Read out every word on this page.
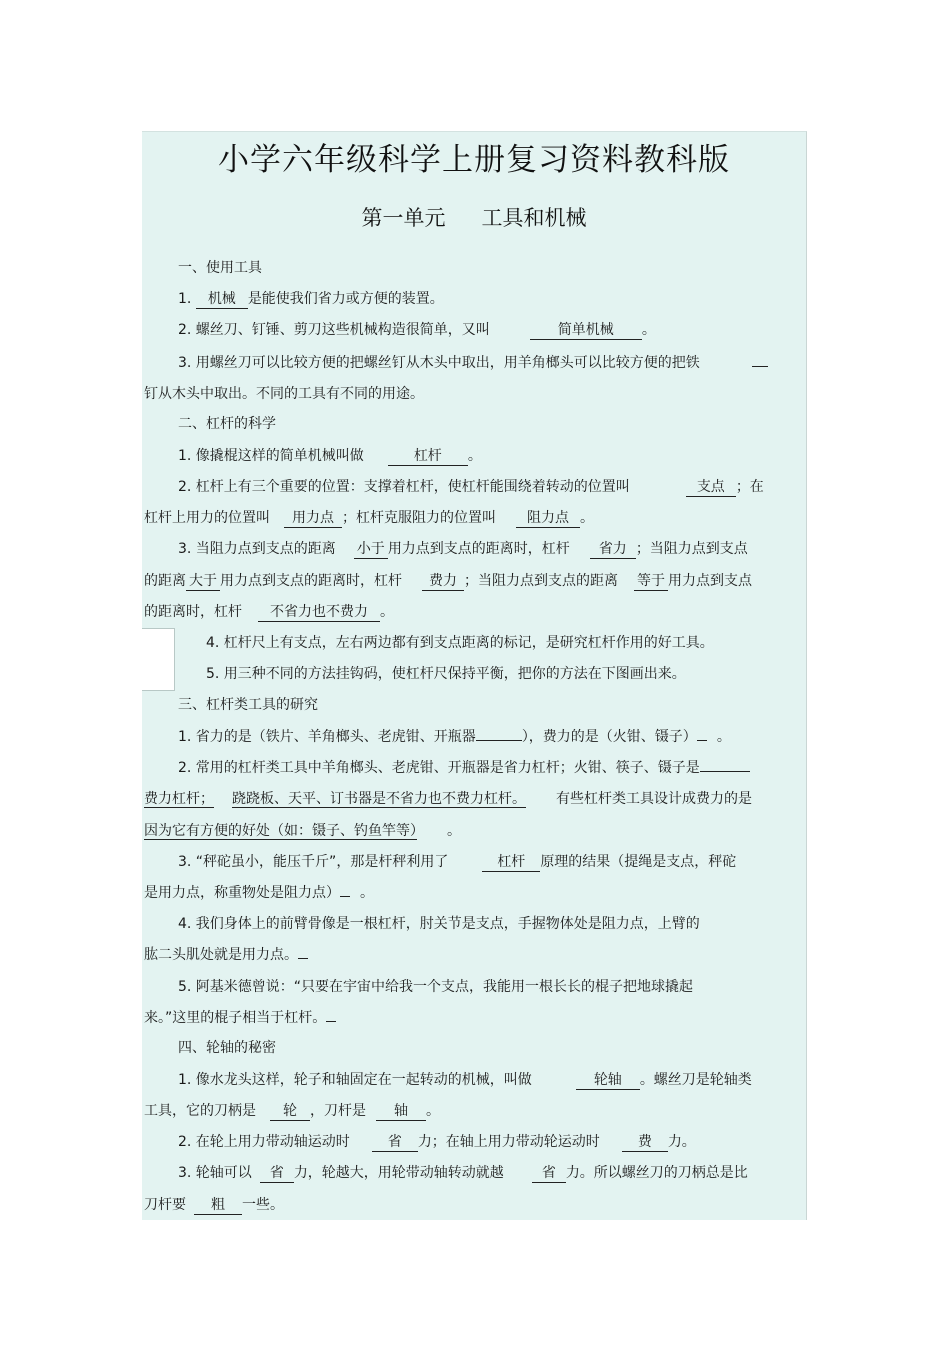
小学六年级科学上册复习资料教科版
第一单元 工具和机械
一、使用工具
1. 机械 是能使我们省力或方便的装置。
2. 螺丝刀、钉锤、剪刀这些机械构造很简单，又叫	简单机械 。
3. 用螺丝刀可以比较方便的把螺丝钉从木头中取出，用羊角榔头可以比较方便的把铁
钉从木头中取出。不同的工具有不同的用途。
二、杠杆的科学
1. 像撬棍这样的简单机械叫做	杠杆 。
2. 杠杆上有三个重要的位置：支撑着杠杆，使杠杆能围绕着转动的位置叫	支点 ；在
杠杆上用力的位置叫 用力点 ；杠杆克服阻力的位置叫 阻力点 。
3. 当阻力点到支点的距离 小于 用力点到支点的距离时，杠杆 省力 ；当阻力点到支点
的距离 大于 用力点到支点的距离时，杠杆 费力 ；当阻力点到支点的距离 等于 用力点到支点
的距离时，杠杆 不省力也不费力 。
4. 杠杆尺上有支点，左右两边都有到支点距离的标记，是研究杠杆作用的好工具。
5. 用三种不同的方法挂钩码，使杠杆尺保持平衡，把你的方法在下图画出来。
三、杠杆类工具的研究
1. 省力的是（铁片、羊角榔头、老虎钳、开瓶器	），费力的是（火钳、镊子） 。
2. 常用的杠杆类工具中羊角榔头、老虎钳、开瓶器是省力杠杆；火钳、筷子、镊子是
费力杠杆； 跷跷板、天平、订书器是不省力也不费力杠杆。 有些杠杆类工具设计成费力的是
因为它有方便的好处（如：镊子、钓鱼竿等） 。
3. “秤砣虽小，能压千斤”，那是杆秤利用了	杠杆 原理的结果（提绳是支点，秤砣
是用力点，称重物处是阻力点） 。
4. 我们身体上的前臂骨像是一根杠杆，肘关节是支点，手握物体处是阻力点，上臂的
肱二头肌处就是用力点。
5. 阿基米德曾说：“只要在宇宙中给我一个支点，我能用一根长长的棍子把地球撬起
来。”这里的棍子相当于杠杆。
四、轮轴的秘密
1. 像水龙头这样，轮子和轴固定在一起转动的机械，叫做	轮轴 。螺丝刀是轮轴类
工具，它的刀柄是 轮 ，刀杆是 轴 。
2. 在轮上用力带动轴运动时	省 力；在轴上用力带动轮运动时	费 力。
3. 轮轴可以 省 力，轮越大，用轮带动轴转动就越	省 力。所以螺丝刀的刀柄总是比
刀杆要 粗 一些。
